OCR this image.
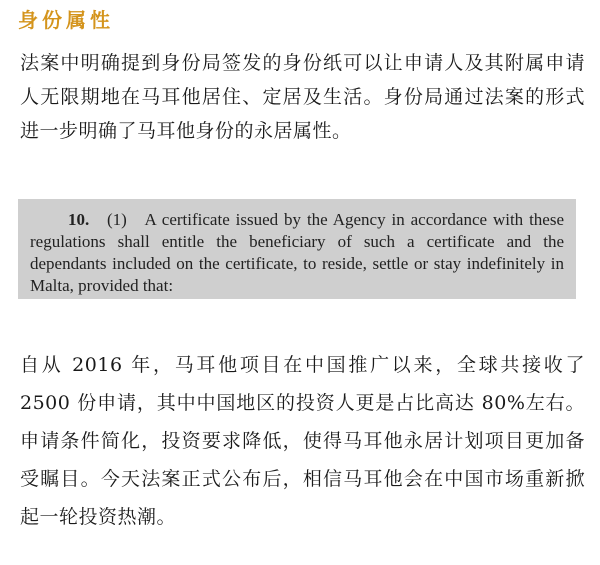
身份属性

法案中明确提到身份局签发的身份纸可以让申请人及其附属申请人无限期地在马耳他居住、定居及生活。身份局通过法案的形式进一步明确了马耳他身份的永居属性。

10. (1) A certificate issued by the Agency in accordance with these regulations shall entitle the beneficiary of such a certificate and the dependants included on the certificate, to reside, settle or stay indefinitely in Malta, provided that:

自从 2016 年，马耳他项目在中国推广以来，全球共接收了 2500 份申请，其中中国地区的投资人更是占比高达 80%左右。申请条件简化，投资要求降低，使得马耳他永居计划项目更加备受瞩目。今天法案正式公布后，相信马耳他会在中国市场重新掀起一轮投资热潮。
